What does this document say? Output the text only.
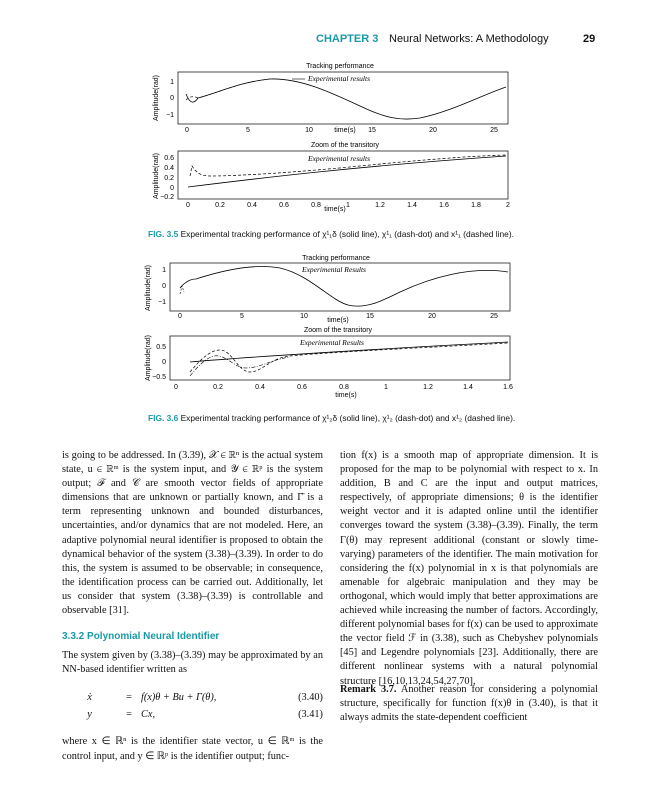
CHAPTER 3 Neural Networks: A Methodology	29
Tracking performance
Experimental results
Amplitude(rad) 1
0
−1
0	5	10	15	20	25
time(s)
Zoom of the transitory
Experimental results
Amplitude(rad) 0.6
0.4
0.2
0
−0.2
0	0.2	0.4	0.6	0.8	1	1.2	1.4	1.6	1.8	2
time(s)
FIG. 3.5 Experimental tracking performance of χ¹₁δ (solid line), χ¹₁ (dash-dot) and x¹₁ (dashed line).
Tracking performance
Experimental Results
Amplitude(rad) 1
0
−1
0	5	10	15	20	25
time(s)
Zoom of the transitory
Experimental Results
Amplitude(rad) 0.5
0
−0.5
0	0.2	0.4	0.6	0.8	1	1.2	1.4	1.6
time(s)
FIG. 3.6 Experimental tracking performance of χ¹₂δ (solid line), χ¹₂ (dash-dot) and x¹₂ (dashed line).

is going to be addressed. In (3.39), 𝒳 ∈ ℝⁿ is the actual system state, u ∈ ℝᵐ is the system input, and 𝒴 ∈ ℝᵖ is the system output; ℱ and 𝒞 are smooth vector fields of appropriate dimensions that are unknown or partially known, and Γ̄ is a term representing unknown and bounded disturbances, uncertainties, and/or dynamics that are not modeled. Here, an adaptive polynomial neural identifier is proposed to obtain the dynamical behavior of the system (3.38)–(3.39). In order to do this, the system is assumed to be observable; in consequence, the identification process can be carried out. Additionally, let us consider that system (3.38)–(3.39) is controllable and observable [31].

3.3.2 Polynomial Neural Identifier

The system given by (3.38)–(3.39) may be approximated by an NN-based identifier written as

ẋ	= f(x)θ + Bu + Γ(θ),	(3.40)
y	= Cx,	(3.41)

where x ∈ ℝⁿ is the identifier state vector, u ∈ ℝᵐ is the control input, and y ∈ ℝᵖ is the identifier output; func-

tion f(x) is a smooth map of appropriate dimension. It is proposed for the map to be polynomial with respect to x. In addition, B and C are the input and output matrices, respectively, of appropriate dimensions; θ is the identifier weight vector and it is adapted online until the identifier converges toward the system (3.38)–(3.39). Finally, the term Γ(θ) may represent additional (constant or slowly time-varying) parameters of the identifier. The main motivation for considering the f(x) polynomial in x is that polynomials are amenable for algebraic manipulation and they may be orthogonal, which would imply that better approximations are achieved while increasing the number of factors. Accordingly, different polynomial bases for f(x) can be used to approximate the vector field ℱ in (3.38), such as Chebyshev polynomials [45] and Legendre polynomials [23]. Additionally, there are different nonlinear systems with a natural polynomial structure [16,10,13,24,54,27,70].

Remark 3.7. Another reason for considering a polynomial structure, specifically for function f(x)θ in (3.40), is that it always admits the state-dependent coefficient
